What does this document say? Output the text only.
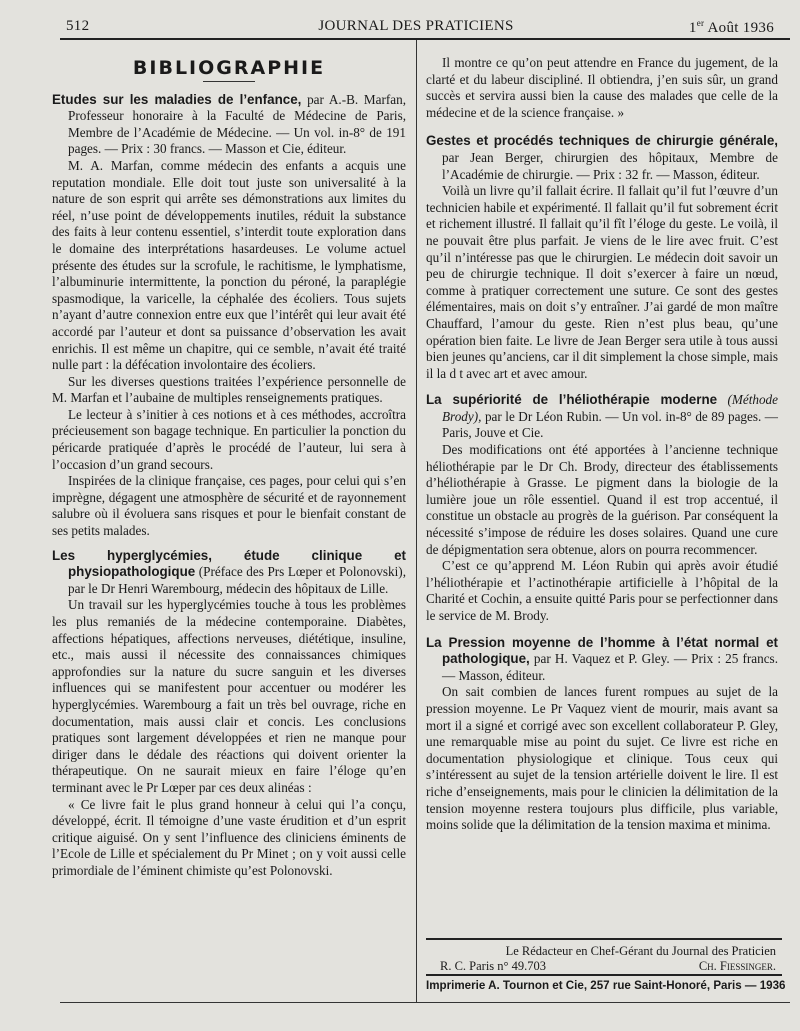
512	JOURNAL DES PRATICIENS	1er Août 1936
BIBLIOGRAPHIE

Etudes sur les maladies de l’enfance, par A.-B. Marfan, Professeur honoraire à la Faculté de Médecine de Paris, Membre de l’Académie de Médecine. — Un vol. in-8° de 191 pages. — Prix : 30 francs. — Masson et Cie, éditeur.

M. A. Marfan, comme médecin des enfants a acquis une reputation mondiale. Elle doit tout juste son universalité à la nature de son esprit qui arrête ses démonstrations aux limites du réel, n’use point de développements inutiles, réduit la substance des faits à leur contenu essentiel, s’interdit toute exploration dans le domaine des interprétations hasardeuses. Le volume actuel présente des études sur la scrofule, le rachitisme, le lymphatisme, l’albuminurie intermittente, la ponction du péroné, la paraplégie spasmodique, la varicelle, la céphalée des écoliers. Tous sujets n’ayant d’autre connexion entre eux que l’intérêt qui leur avait été accordé par l’auteur et dont sa puissance d’observation les avait enrichis. Il est même un chapitre, qui ce semble, n’avait été traité nulle part : la défécation involontaire des écoliers.

Sur les diverses questions traitées l’expérience personnelle de M. Marfan et l’aubaine de multiples renseignements pratiques.

Le lecteur à s’initier à ces notions et à ces méthodes, accroîtra précieusement son bagage technique. En particulier la ponction du péricarde pratiquée d’après le procédé de l’auteur, lui sera à l’occasion d’un grand secours.

Inspirées de la clinique française, ces pages, pour celui qui s’en imprègne, dégagent une atmosphère de sécurité et de rayonnement salubre où il évoluera sans risques et pour le bienfait constant de ses petits malades.

Les hyperglycémies, étude clinique et physiopathologique (Préface des Prs Lœper et Polonovski), par le Dr Henri Warembourg, médecin des hôpitaux de Lille.

Un travail sur les hyperglycémies touche à tous les problèmes les plus remaniés de la médecine contemporaine. Diabètes, affections hépatiques, affections nerveuses, diététique, insuline, etc., mais aussi il nécessite des connaissances chimiques approfondies sur la nature du sucre sanguin et les diverses influences qui se manifestent pour accentuer ou modérer les hyperglycémies. Warembourg a fait un très bel ouvrage, riche en documentation, mais aussi clair et concis. Les conclusions pratiques sont largement développées et rien ne manque pour diriger dans le dédale des réactions qui doivent orienter la thérapeutique. On ne saurait mieux en faire l’éloge qu’en terminant avec le Pr Lœper par ces deux alinéas :

« Ce livre fait le plus grand honneur à celui qui l’a conçu, développé, écrit. Il témoigne d’une vaste érudition et d’un esprit critique aiguisé. On y sent l’influence des cliniciens éminents de l’Ecole de Lille et spécialement du Pr Minet ; on y voit aussi celle primordiale de l’éminent chimiste qu’est Polonovski.

Il montre ce qu’on peut attendre en France du jugement, de la clarté et du labeur discipliné. Il obtiendra, j’en suis sûr, un grand succès et servira aussi bien la cause des malades que celle de la médecine et de la science française. »

Gestes et procédés techniques de chirurgie générale, par Jean Berger, chirurgien des hôpitaux, Membre de l’Académie de chirurgie. — Prix : 32 fr. — Masson, éditeur.

Voilà un livre qu’il fallait écrire. Il fallait qu’il fut l’œuvre d’un technicien habile et expérimenté. Il fallait qu’il fut sobrement écrit et richement illustré. Il fallait qu’il fît l’éloge du geste. Le voilà, il ne pouvait être plus parfait. Je viens de le lire avec fruit. C’est qu’il n’intéresse pas que le chirurgien. Le médecin doit savoir un peu de chirurgie technique. Il doit s’exercer à faire un nœud, comme à pratiquer correctement une suture. Ce sont des gestes élémentaires, mais on doit s’y entraîner. J’ai gardé de mon maître Chauffard, l’amour du geste. Rien n’est plus beau, qu’une opération bien faite. Le livre de Jean Berger sera utile à tous aussi bien jeunes qu’anciens, car il dit simplement la chose simple, mais il la d t avec art et avec amour.

La supériorité de l’héliothérapie moderne (Méthode Brody), par le Dr Léon Rubin. — Un vol. in-8° de 89 pages. — Paris, Jouve et Cie.

Des modifications ont été apportées à l’ancienne technique héliothérapie par le Dr Ch. Brody, directeur des établissements d’héliothérapie à Grasse. Le pigment dans la biologie de la lumière joue un rôle essentiel. Quand il est trop accentué, il constitue un obstacle au progrès de la guérison. Par conséquent la nécessité s’impose de réduire les doses solaires. Quand une cure de dépigmentation sera obtenue, alors on pourra recommencer.

C’est ce qu’apprend M. Léon Rubin qui après avoir étudié l’héliothérapie et l’actinothérapie artificielle à l’hôpital de la Charité et Cochin, a ensuite quitté Paris pour se perfectionner dans le service de M. Brody.

La Pression moyenne de l’homme à l’état normal et pathologique, par H. Vaquez et P. Gley. — Prix : 25 francs. — Masson, éditeur.

On sait combien de lances furent rompues au sujet de la pression moyenne. Le Pr Vaquez vient de mourir, mais avant sa mort il a signé et corrigé avec son excellent collaborateur P. Gley, une remarquable mise au point du sujet. Ce livre est riche en documentation physiologique et clinique. Tous ceux qui s’intéressent au sujet de la tension artérielle doivent le lire. Il est riche d’enseignements, mais pour le clinicien la délimitation de la tension moyenne restera toujours plus difficile, plus variable, moins solide que la délimitation de la tension maxima et minima.

Le Rédacteur en Chef-Gérant du Journal des Praticien
R. C. Paris n° 49.703	Ch. Fiessinger.
Imprimerie A. Tournon et Cie, 257 rue Saint-Honoré, Paris — 1936
